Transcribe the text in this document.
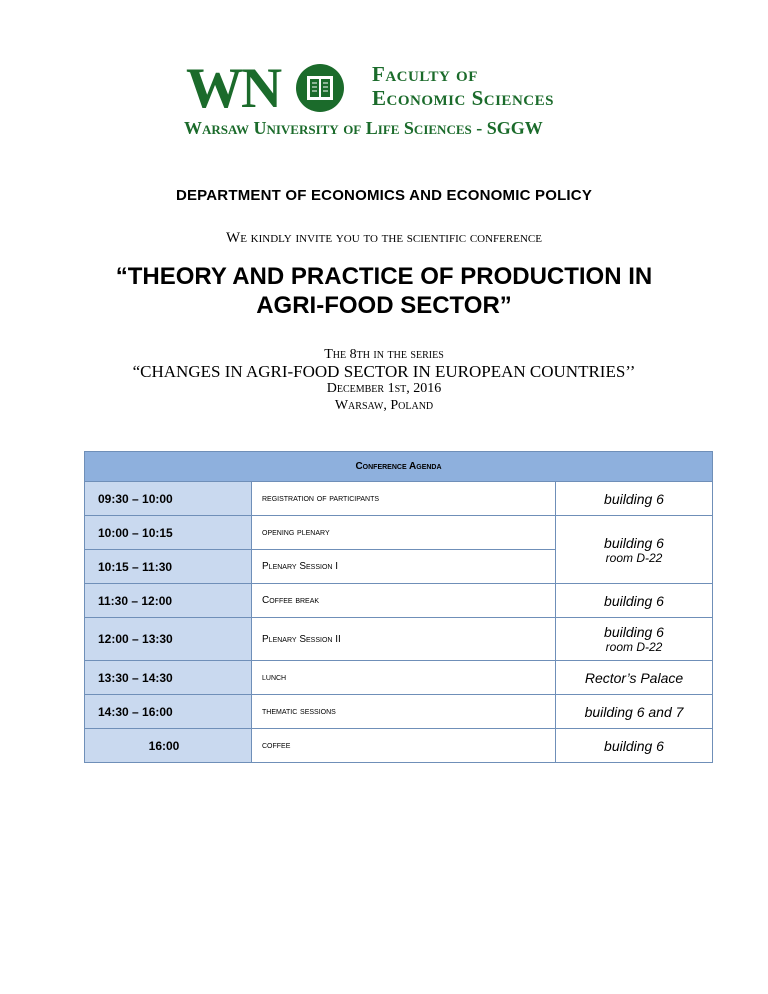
WN	Faculty of
Economic Sciences
Warsaw University of Life Sciences - SGGW
DEPARTMENT OF ECONOMICS AND ECONOMIC POLICY
We kindly invite you to the scientific conference
“THEORY AND PRACTICE OF PRODUCTION IN AGRI-FOOD SECTOR”
The 8th in the series
“CHANGES IN AGRI-FOOD SECTOR IN EUROPEAN COUNTRIES’’
December 1st, 2016
Warsaw, Poland
Conference Agenda		
09:30 – 10:00	registration of participants	building 6
10:00 – 10:15	opening plenary	building 6
room D-22

10:15 – 11:30	Plenary Session I	
11:30 – 12:00	Coffee break	building 6
12:00 – 13:30	Plenary Session II	building 6
room D-22

13:30 – 14:30	lunch	Rector’s Palace
14:30 – 16:00	thematic sessions	building 6 and 7
16:00	coffee	building 6
